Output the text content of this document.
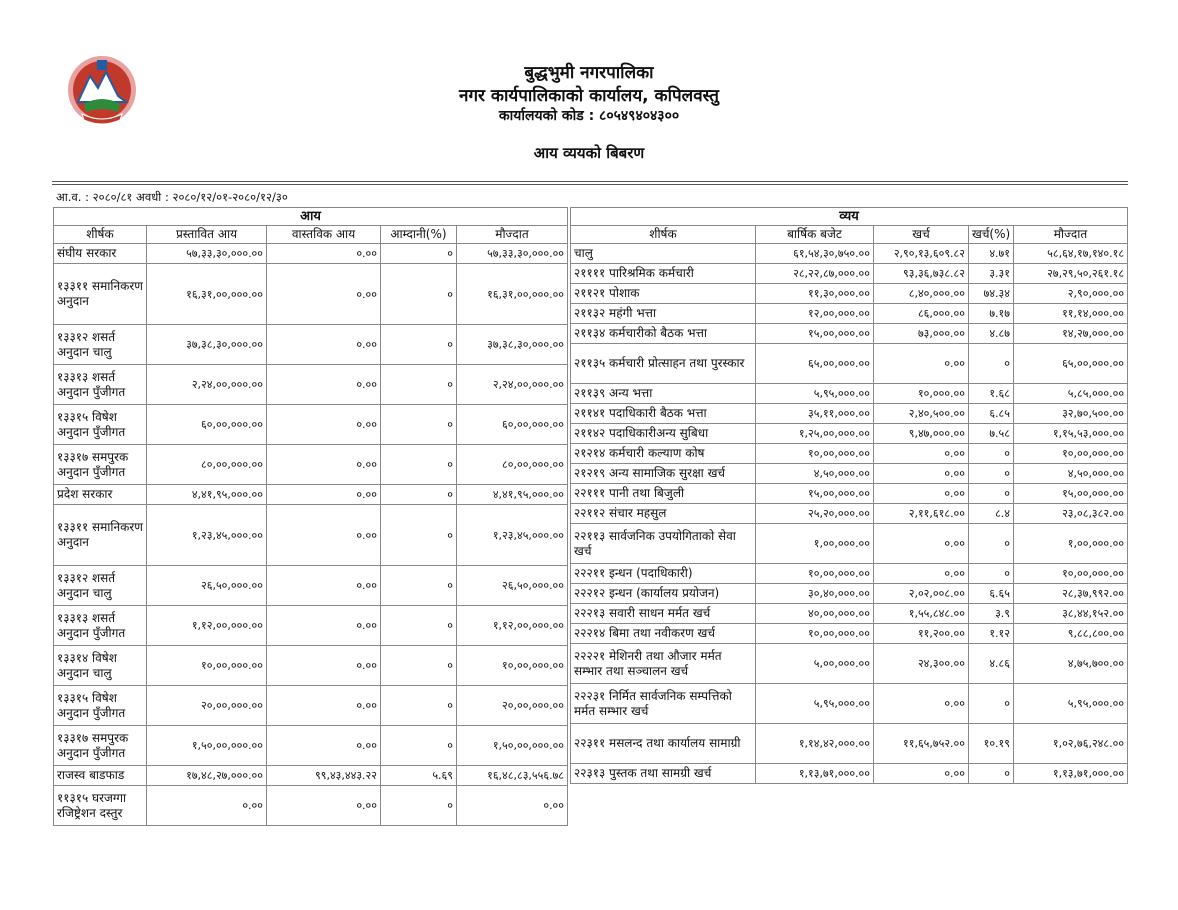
बुद्धभुमी नगरपालिका
नगर कार्यपालिकाको कार्यालय, कपिलवस्तु
कार्यालयको कोड : ८०५४९४०४३००
आय व्ययको बिबरण
आ.व. : २०८०/८१ अवधी : २०८०/१२/०१-२०८०/१२/३०
आय				
शीर्षक	प्रस्तावित आय	वास्तविक आय	आम्दानी(%)	मौज्दात
संघीय सरकार	५७,३३,३०,०००.००	०.००	०	५७,३३,३०,०००.००
१३३११ समानिकरण अनुदान	१६,३१,००,०००.००	०.००	०	१६,३१,००,०००.००
१३३१२ शसर्त अनुदान चालु	३७,३८,३०,०००.००	०.००	०	३७,३८,३०,०००.००
१३३१३ शसर्त अनुदान पुँजीगत	२,२४,००,०००.००	०.००	०	२,२४,००,०००.००
१३३१५ विषेश अनुदान पुँजीगत	६०,००,०००.००	०.००	०	६०,००,०००.००
१३३१७ समपुरक अनुदान पुँजीगत	८०,००,०००.००	०.००	०	८०,००,०००.००
प्रदेश सरकार	४,४१,९५,०००.००	०.००	०	४,४१,९५,०००.००
१३३११ समानिकरण अनुदान	१,२३,४५,०००.००	०.००	०	१,२३,४५,०००.००
१३३१२ शसर्त अनुदान चालु	२६,५०,०००.००	०.००	०	२६,५०,०००.००
१३३१३ शसर्त अनुदान पुँजीगत	१,१२,००,०००.००	०.००	०	१,१२,००,०००.००
१३३१४ विषेश अनुदान चालु	१०,००,०००.००	०.००	०	१०,००,०००.००
१३३१५ विषेश अनुदान पुँजीगत	२०,००,०००.००	०.००	०	२०,००,०००.००
१३३१७ समपुरक अनुदान पुँजीगत	१,५०,००,०००.००	०.००	०	१,५०,००,०००.००
राजस्व बाडफाड	१७,४८,२७,०००.००	९९,४३,४४३.२२	५.६९	१६,४८,८३,५५६.७८
११३१५ घरजग्गा रजिष्ट्रेशन दस्तुर	०.००	०.००	०	०.००
व्यय				
शीर्षक	बार्षिक बजेट	खर्च	खर्च(%)	मौज्दात
चालु	६१,५४,३०,७५०.००	२,९०,१३,६०९.८२	४.७१	५८,६४,१७,१४०.१८
२११११ पारिश्रमिक कर्मचारी	२८,२२,८७,०००.००	९३,३६,७३८.८२	३.३१	२७,२९,५०,२६१.१८
२११२१ पोशाक	११,३०,०००.००	८,४०,०००.००	७४.३४	२,९०,०००.००
२११३२ महंगी भत्ता	१२,००,०००.००	८६,०००.००	७.१७	११,१४,०००.००
२११३४ कर्मचारीको बैठक भत्ता	१५,००,०००.००	७३,०००.००	४.८७	१४,२७,०००.००
२११३५ कर्मचारी प्रोत्साहन तथा पुरस्कार	६५,००,०००.००	०.००	०	६५,००,०००.००
२११३९ अन्य भत्ता	५,९५,०००.००	१०,०००.००	१.६८	५,८५,०००.००
२११४१ पदाधिकारी बैठक भत्ता	३५,११,०००.००	२,४०,५००.००	६.८५	३२,७०,५००.००
२११४२ पदाधिकारीअन्य सुबिधा	१,२५,००,०००.००	९,४७,०००.००	७.५८	१,१५,५३,०००.००
२१२१४ कर्मचारी कल्याण कोष	१०,००,०००.००	०.००	०	१०,००,०००.००
२१२१९ अन्य सामाजिक सुरक्षा खर्च	४,५०,०००.००	०.००	०	४,५०,०००.००
२२१११ पानी तथा बिजुली	१५,००,०००.००	०.००	०	१५,००,०००.००
२२११२ संचार महसुल	२५,२०,०००.००	२,११,६१८.००	८.४	२३,०८,३८२.००
२२११३ सार्वजनिक उपयोगिताको सेवा खर्च	१,००,०००.००	०.००	०	१,००,०००.००
२२२११ इन्धन (पदाधिकारी)	१०,००,०००.००	०.००	०	१०,००,०००.००
२२२१२ इन्धन (कार्यालय प्रयोजन)	३०,४०,०००.००	२,०२,००८.००	६.६५	२८,३७,९९२.००
२२२१३ सवारी साधन मर्मत खर्च	४०,००,०००.००	१,५५,८४८.००	३.९	३८,४४,१५२.००
२२२१४ बिमा तथा नवीकरण खर्च	१०,००,०००.००	११,२००.००	१.१२	९,८८,८००.००
२२२२१ मेशिनरी तथा औजार मर्मत सम्भार तथा सञ्चालन खर्च	५,००,०००.००	२४,३००.००	४.८६	४,७५,७००.००
२२२३१ निर्मित सार्वजनिक सम्पत्तिको मर्मत सम्भार खर्च	५,९५,०००.००	०.००	०	५,९५,०००.००
२२३११ मसलन्द तथा कार्यालय सामाग्री	१,१४,४२,०००.००	११,६५,७५२.००	१०.१९	१,०२,७६,२४८.००
२२३१३ पुस्तक तथा सामग्री खर्च	१,१३,७१,०००.००	०.००	०	१,१३,७१,०००.००
